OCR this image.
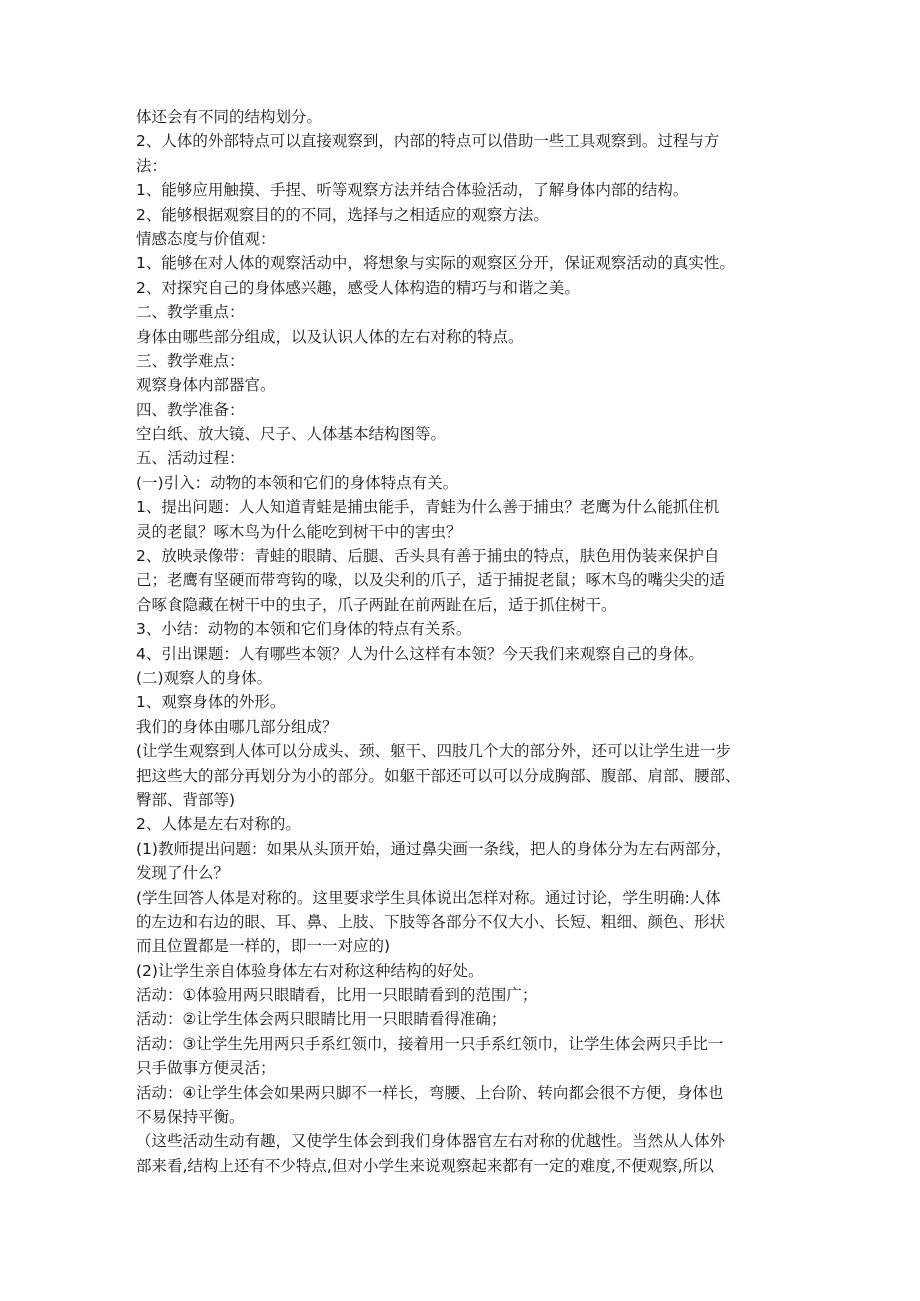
体还会有不同的结构划分。
2、人体的外部特点可以直接观察到，内部的特点可以借助一些工具观察到。过程与方
法：
1、能够应用触摸、手捏、听等观察方法并结合体验活动，了解身体内部的结构。
2、能够根据观察目的的不同，选择与之相适应的观察方法。
情感态度与价值观：
1、能够在对人体的观察活动中，将想象与实际的观察区分开，保证观察活动的真实性。
2、对探究自己的身体感兴趣，感受人体构造的精巧与和谐之美。
二、教学重点：
身体由哪些部分组成，以及认识人体的左右对称的特点。
三、教学难点：
观察身体内部器官。
四、教学准备：
空白纸、放大镜、尺子、人体基本结构图等。
五、活动过程：
(一)引入：动物的本领和它们的身体特点有关。
1、提出问题：人人知道青蛙是捕虫能手，青蛙为什么善于捕虫？老鹰为什么能抓住机
灵的老鼠？啄木鸟为什么能吃到树干中的害虫？
2、放映录像带：青蛙的眼睛、后腿、舌头具有善于捕虫的特点，肤色用伪装来保护自
己；老鹰有坚硬而带弯钩的喙，以及尖利的爪子，适于捕捉老鼠；啄木鸟的嘴尖尖的适
合啄食隐藏在树干中的虫子，爪子两趾在前两趾在后，适于抓住树干。
3、小结：动物的本领和它们身体的特点有关系。
4、引出课题：人有哪些本领？人为什么这样有本领？今天我们来观察自己的身体。
(二)观察人的身体。
1、观察身体的外形。
我们的身体由哪几部分组成？
(让学生观察到人体可以分成头、颈、躯干、四肢几个大的部分外，还可以让学生进一步
把这些大的部分再划分为小的部分。如躯干部还可以可以分成胸部、腹部、肩部、腰部、
臀部、背部等)
2、人体是左右对称的。
(1)教师提出问题：如果从头顶开始，通过鼻尖画一条线，把人的身体分为左右两部分，
发现了什么？
(学生回答人体是对称的。这里要求学生具体说出怎样对称。通过讨论，学生明确:人体
的左边和右边的眼、耳、鼻、上肢、下肢等各部分不仅大小、长短、粗细、颜色、形状
而且位置都是一样的，即一一对应的)
(2)让学生亲自体验身体左右对称这种结构的好处。
活动：①体验用两只眼睛看，比用一只眼睛看到的范围广；
活动：②让学生体会两只眼睛比用一只眼睛看得准确；
活动：③让学生先用两只手系红领巾，接着用一只手系红领巾，让学生体会两只手比一
只手做事方便灵活；
活动：④让学生体会如果两只脚不一样长，弯腰、上台阶、转向都会很不方便，身体也
不易保持平衡。
（这些活动生动有趣，又使学生体会到我们身体器官左右对称的优越性。当然从人体外
部来看,结构上还有不少特点,但对小学生来说观察起来都有一定的难度,不便观察,所以
